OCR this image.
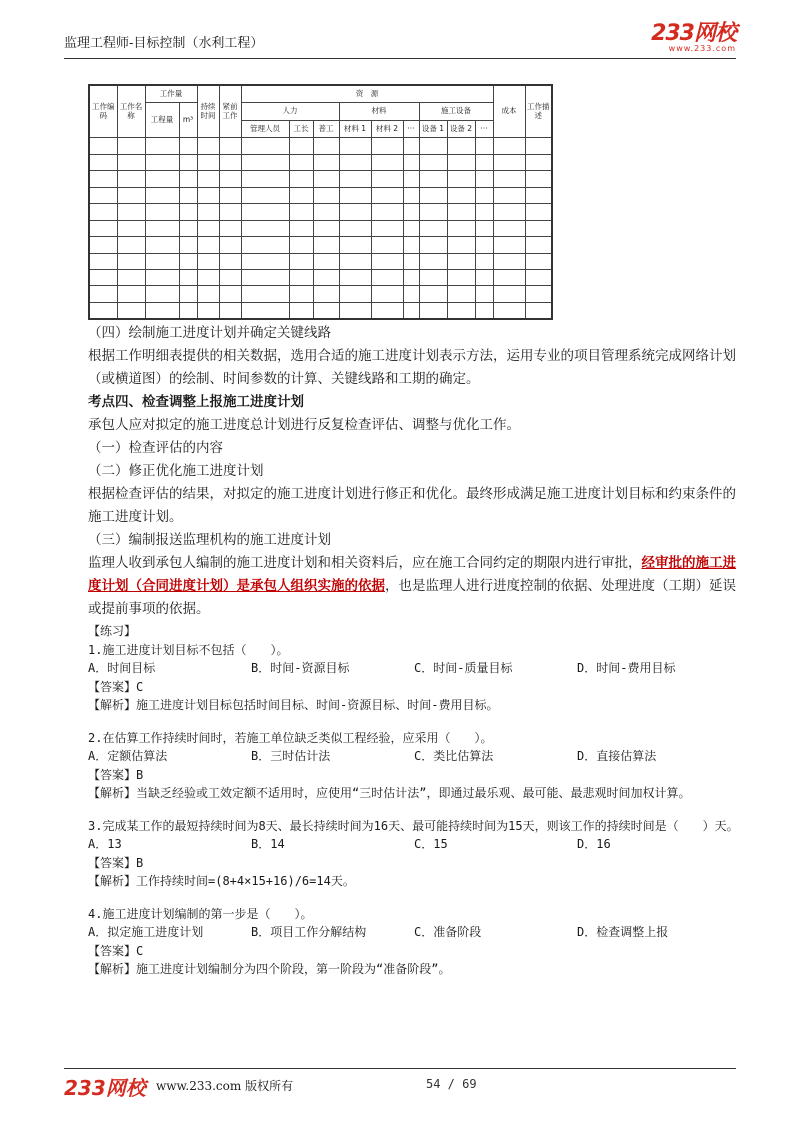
监理工程师-目标控制（水利工程）	233网校
www.233.com
工作编码	工作名称	工作量		持续时间	紧前工作	资　源									成本	工作描述
		工程量	m³			人力			材料			施工设备				
						管理人员	工长	普工	材料 1	材料 2	···	设备 1	设备 2	···		

（四）绘制施工进度计划并确定关键线路

根据工作明细表提供的相关数据，选用合适的施工进度计划表示方法，运用专业的项目管理系统完成网络计划（或横道图）的绘制、时间参数的计算、关键线路和工期的确定。

考点四、检查调整上报施工进度计划

承包人应对拟定的施工进度总计划进行反复检查评估、调整与优化工作。

（一）检查评估的内容

（二）修正优化施工进度计划

根据检查评估的结果，对拟定的施工进度计划进行修正和优化。最终形成满足施工进度计划目标和约束条件的施工进度计划。

（三）编制报送监理机构的施工进度计划

监理人收到承包人编制的施工进度计划和相关资料后，应在施工合同约定的期限内进行审批，经审批的施工进度计划（合同进度计划）是承包人组织实施的依据，也是监理人进行进度控制的依据、处理进度（工期）延误或提前事项的依据。

【练习】
1.施工进度计划目标不包括（　　）。
A．时间目标	B．时间-资源目标	C．时间-质量目标	D．时间-费用目标
【答案】C
【解析】施工进度计划目标包括时间目标、时间-资源目标、时间-费用目标。
2.在估算工作持续时间时，若施工单位缺乏类似工程经验，应采用（　　）。
A．定额估算法	B．三时估计法	C．类比估算法	D．直接估算法
【答案】B
【解析】当缺乏经验或工效定额不适用时，应使用“三时估计法”，即通过最乐观、最可能、最悲观时间加权计算。
3.完成某工作的最短持续时间为8天、最长持续时间为16天、最可能持续时间为15天，则该工作的持续时间是（　　）天。
A．13	B．14	C．15	D．16
【答案】B
【解析】工作持续时间=(8+4×15+16)/6=14天。
4.施工进度计划编制的第一步是（　　）。
A．拟定施工进度计划	B．项目工作分解结构	C．准备阶段	D．检查调整上报
【答案】C
【解析】施工进度计划编制分为四个阶段，第一阶段为“准备阶段”。
233网校 www.233.com 版权所有	54 / 69
